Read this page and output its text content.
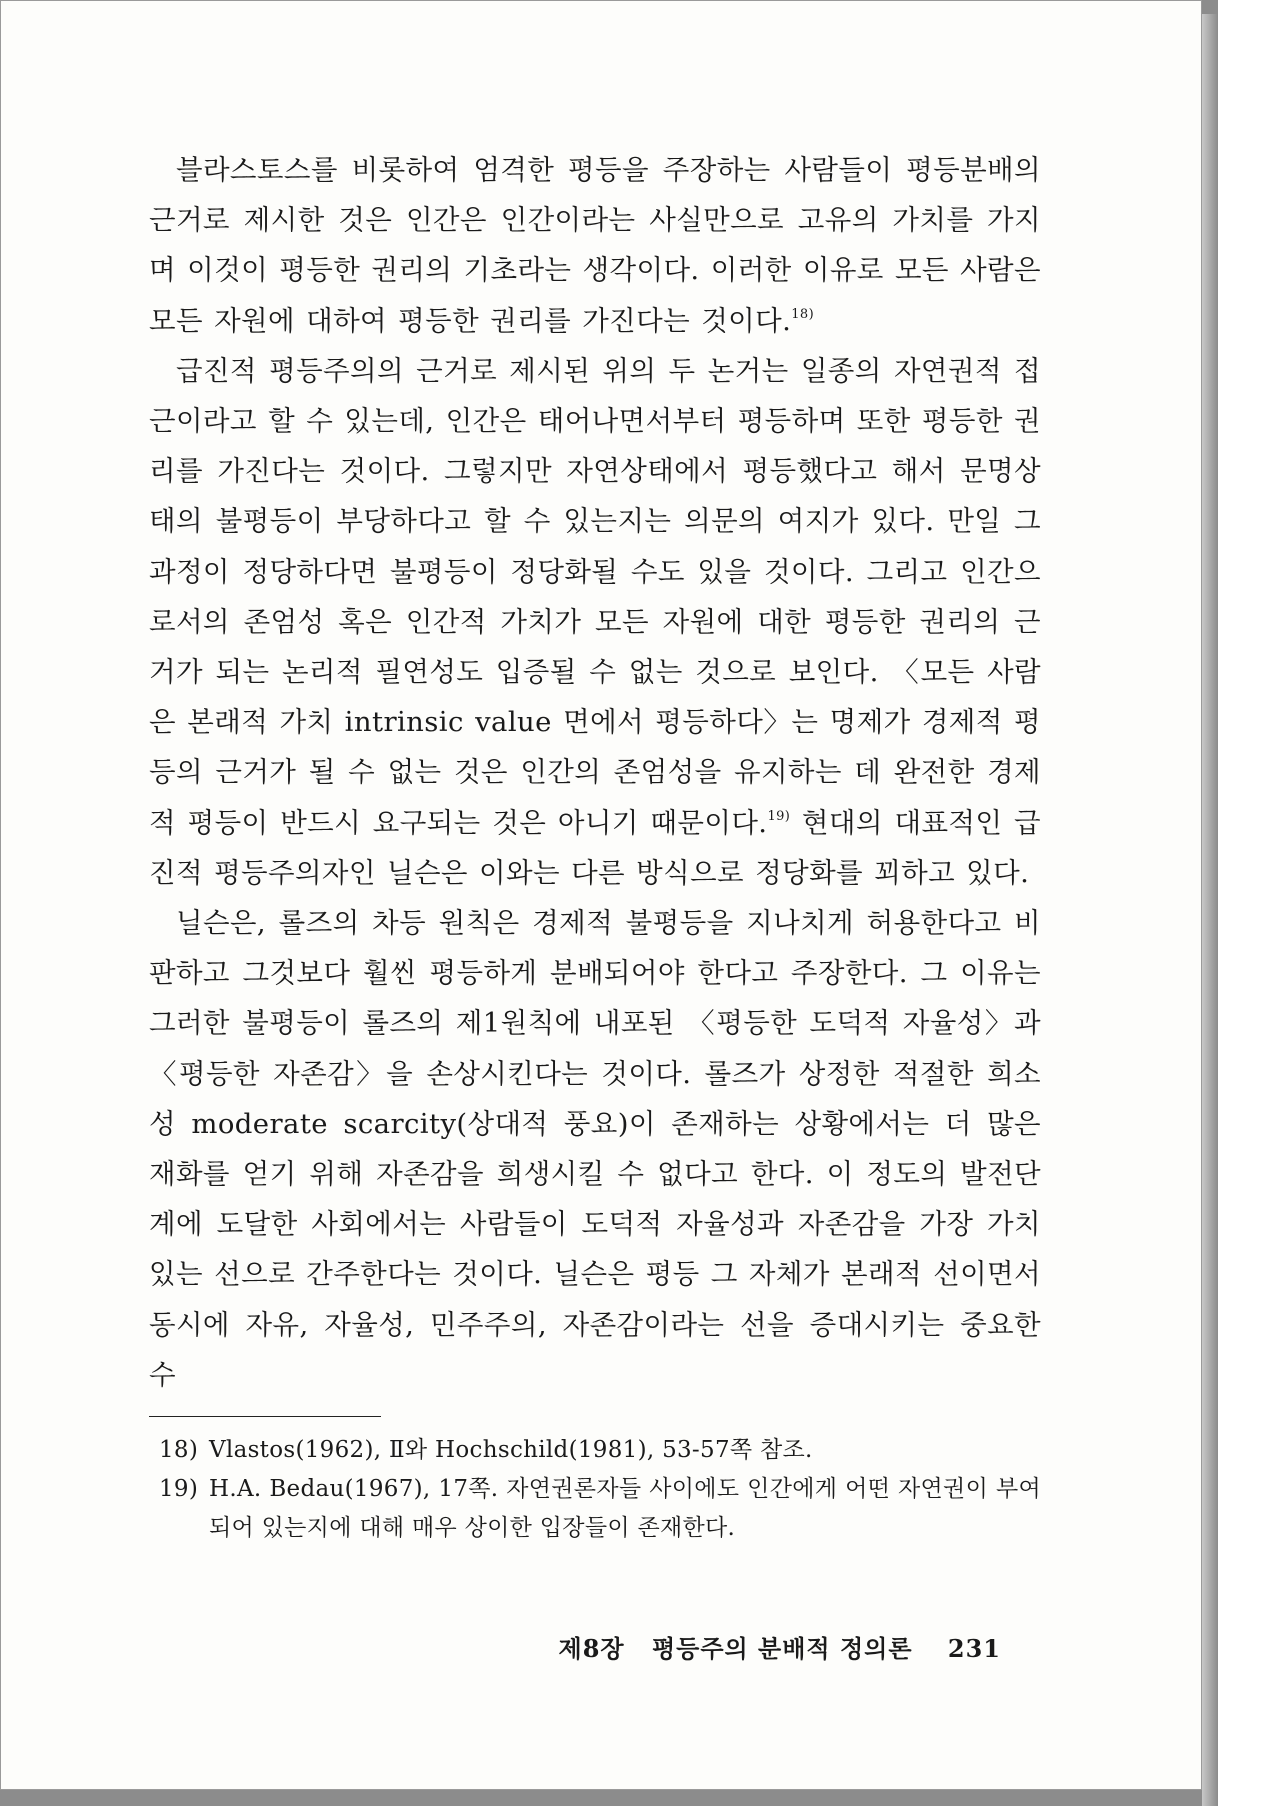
블라스토스를 비롯하여 엄격한 평등을 주장하는 사람들이 평등분배의 근거로 제시한 것은 인간은 인간이라는 사실만으로 고유의 가치를 가지며 이것이 평등한 권리의 기초라는 생각이다. 이러한 이유로 모든 사람은 모든 자원에 대하여 평등한 권리를 가진다는 것이다.$^{18)}$

급진적 평등주의의 근거로 제시된 위의 두 논거는 일종의 자연권적 접근이라고 할 수 있는데, 인간은 태어나면서부터 평등하며 또한 평등한 권리를 가진다는 것이다. 그렇지만 자연상태에서 평등했다고 해서 문명상태의 불평등이 부당하다고 할 수 있는지는 의문의 여지가 있다. 만일 그 과정이 정당하다면 불평등이 정당화될 수도 있을 것이다. 그리고 인간으로서의 존엄성 혹은 인간적 가치가 모든 자원에 대한 평등한 권리의 근거가 되는 논리적 필연성도 입증될 수 없는 것으로 보인다. 〈모든 사람은 본래적 가치 intrinsic value 면에서 평등하다〉는 명제가 경제적 평등의 근거가 될 수 없는 것은 인간의 존엄성을 유지하는 데 완전한 경제적 평등이 반드시 요구되는 것은 아니기 때문이다.$^{19)}$ 현대의 대표적인 급진적 평등주의자인 닐슨은 이와는 다른 방식으로 정당화를 꾀하고 있다.

닐슨은, 롤즈의 차등 원칙은 경제적 불평등을 지나치게 허용한다고 비판하고 그것보다 훨씬 평등하게 분배되어야 한다고 주장한다. 그 이유는 그러한 불평등이 롤즈의 제1원칙에 내포된 〈평등한 도덕적 자율성〉과 〈평등한 자존감〉을 손상시킨다는 것이다. 롤즈가 상정한 적절한 희소성 moderate scarcity(상대적 풍요)이 존재하는 상황에서는 더 많은 재화를 얻기 위해 자존감을 희생시킬 수 없다고 한다. 이 정도의 발전단계에 도달한 사회에서는 사람들이 도덕적 자율성과 자존감을 가장 가치 있는 선으로 간주한다는 것이다. 닐슨은 평등 그 자체가 본래적 선이면서 동시에 자유, 자율성, 민주주의, 자존감이라는 선을 증대시키는 중요한 수

18) Vlastos(1962), Ⅱ와 Hochschild(1981), 53-57쪽 참조.
19) H.A. Bedau(1967), 17쪽. 자연권론자들 사이에도 인간에게 어떤 자연권이 부여되어 있는지에 대해 매우 상이한 입장들이 존재한다.
제8장 평등주의 분배적 정의론 231
